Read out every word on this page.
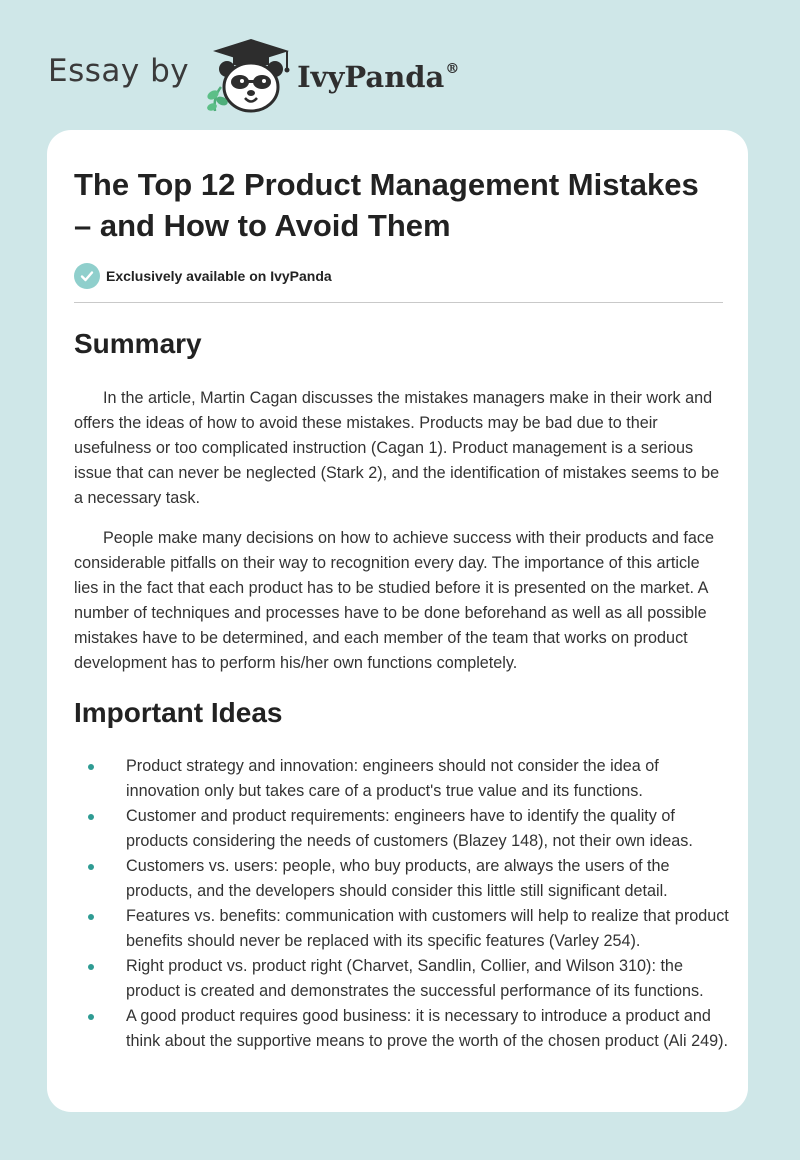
Essay by	IvyPanda®
The Top 12 Product Management Mistakes – and How to Avoid Them
Exclusively available on IvyPanda
Summary

In the article, Martin Cagan discusses the mistakes managers make in their work and offers the ideas of how to avoid these mistakes. Products may be bad due to their usefulness or too complicated instruction (Cagan 1). Product management is a serious issue that can never be neglected (Stark 2), and the identification of mistakes seems to be a necessary task.

People make many decisions on how to achieve success with their products and face considerable pitfalls on their way to recognition every day. The importance of this article lies in the fact that each product has to be studied before it is presented on the market. A number of techniques and processes have to be done beforehand as well as all possible mistakes have to be determined, and each member of the team that works on product development has to perform his/her own functions completely.

Important Ideas
Product strategy and innovation: engineers should not consider the idea of innovation only but takes care of a product's true value and its functions.
Customer and product requirements: engineers have to identify the quality of products considering the needs of customers (Blazey 148), not their own ideas.
Customers vs. users: people, who buy products, are always the users of the products, and the developers should consider this little still significant detail.
Features vs. benefits: communication with customers will help to realize that product benefits should never be replaced with its specific features (Varley 254).
Right product vs. product right (Charvet, Sandlin, Collier, and Wilson 310): the product is created and demonstrates the successful performance of its functions.
A good product requires good business: it is necessary to introduce a product and think about the supportive means to prove the worth of the chosen product (Ali 249).
